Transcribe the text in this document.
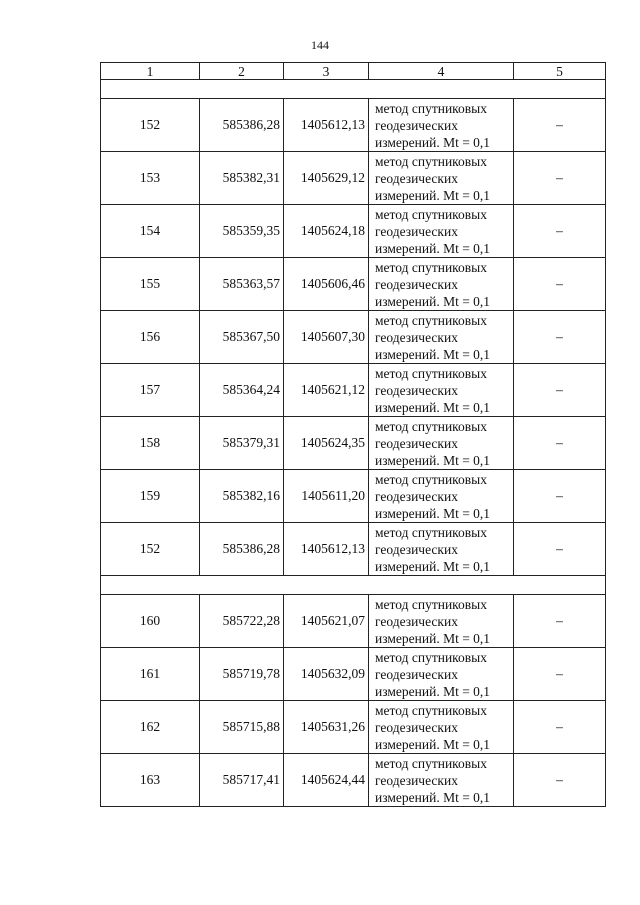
144
1	2	3	4	5

152	585386,28	1405612,13	метод спутниковых
геодезических
измерений. Mt = 0,1	–
153	585382,31	1405629,12	метод спутниковых
геодезических
измерений. Mt = 0,1	–
154	585359,35	1405624,18	метод спутниковых
геодезических
измерений. Mt = 0,1	–
155	585363,57	1405606,46	метод спутниковых
геодезических
измерений. Mt = 0,1	–
156	585367,50	1405607,30	метод спутниковых
геодезических
измерений. Mt = 0,1	–
157	585364,24	1405621,12	метод спутниковых
геодезических
измерений. Mt = 0,1	–
158	585379,31	1405624,35	метод спутниковых
геодезических
измерений. Mt = 0,1	–
159	585382,16	1405611,20	метод спутниковых
геодезических
измерений. Mt = 0,1	–
152	585386,28	1405612,13	метод спутниковых
геодезических
измерений. Mt = 0,1	–

160	585722,28	1405621,07	метод спутниковых
геодезических
измерений. Mt = 0,1	–
161	585719,78	1405632,09	метод спутниковых
геодезических
измерений. Mt = 0,1	–
162	585715,88	1405631,26	метод спутниковых
геодезических
измерений. Mt = 0,1	–
163	585717,41	1405624,44	метод спутниковых
геодезических
измерений. Mt = 0,1	–
